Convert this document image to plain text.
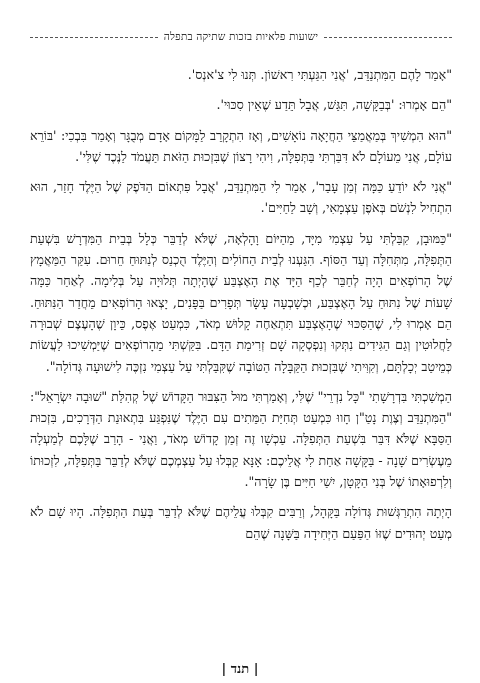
ישועות פלאיות בזכות שתיקה בתפלה

"אָמַר לָהֶם הַמִּתְנַדֵּב, 'אֲנִי הִגַּעְתִּי רִאשׁוֹן. תְּנוּ לִי צ'אנְס'.

"הֵם אָמְרוּ: 'בְּבַקָּשָׁה, תִּגַּשׁ, אֲבָל תֵּדַע שֶׁאֵין סִכּוּי'.

"הוּא הִמְשִׁיךְ בְּמַאֲמַצֵּי הַחֲיָאָה נוֹאָשִׁים, וְאָז הִתְקָרֵב לַמָּקוֹם אָדָם מְבֻגָּר וְאָמַר בִּבְכִי: 'בּוֹרֵא עוֹלָם, אֲנִי מֵעוֹלָם לֹא דִּבַּרְתִּי בַּתְּפִלָּה, וִיהִי רָצוֹן שֶׁבִּזְכוּת הַזֹּאת תַּעֲמֹד לַנֶּכֶד שֶׁלִּי'.

"אֲנִי לֹא יוֹדֵעַ כַּמָּה זְמַן עָבַר', אָמַר לִי הַמִּתְנַדֵּב, 'אֲבָל פִּתְאוֹם הַדֹּפֶק שֶׁל הַיֶּלֶד חָזַר, הוּא הִתְחִיל לִנְשֹׁם בְּאֹפֶן עַצְמָאִי, וְשָׁב לַחַיִּים'.

"כַּמּוּבָן, קִבַּלְתִּי עַל עַצְמִי מִיָּד, מֵהַיּוֹם וָהָלְאָה, שֶׁלֹּא לְדַבֵּר כְּלָל בְּבֵית הַמִּדְרָשׁ בִּשְׁעַת הַתְּפִלָּה, מִתְּחִלָּה וְעַד הַסּוֹף. הִגַּעְנוּ לְבֵית הַחוֹלִים וְהַיֶּלֶד הֻכְנַס לְנִתּוּחַ חֵרוּם. עִקַּר הַמַּאֲמָץ שֶׁל הָרוֹפְאִים הָיָה לְחַבֵּר לְכַף הַיָּד אֶת הָאֶצְבַּע שֶׁהָיְתָה תְּלוּיָה עַל בְּלִימָה. לְאַחַר כַּמָּה שָׁעוֹת שֶׁל נִתּוּחַ עַל הָאֶצְבַּע, וּכְשָׁבְעָה עָשָׂר תְּפָרִים בַּפָּנִים, יָצְאוּ הָרוֹפְאִים מֵחֲדַר הַנִּתּוּחַ. הֵם אָמְרוּ לִי, שֶׁהַסִּכּוּי שֶׁהָאֶצְבַּע תִּתְאַחֶה קָלוּשׁ מְאֹד, כִּמְעַט אֶפֶס, כֵּיוָן שֶׁהָעֶצֶם שְׁבוּרָה לַחֲלוּטִין וְגַם הַגִּידִים נִתְּקוּ וְנִפְסְקָה שָׁם זְרִימַת הַדָּם. בִּקַּשְׁתִּי מֵהָרוֹפְאִים שֶׁיַּמְשִׁיכוּ לַעֲשׂוֹת כְּמֵיטַב יְכָלְתָּם, וְקִוִּיתִי שֶׁבִּזְכוּת הַקַּבָּלָה הַטּוֹבָה שֶׁקִּבַּלְתִּי עַל עַצְמִי נִזְכֶּה לִישׁוּעָה גְּדוֹלָה".

הַמְשַׁכְתִּי בִּדְרָשָׁתִי "כָּל נִדְרֵי" שֶׁלִּי, וְאָמַרְתִּי מוּל הַצִּבּוּר הַקָּדוֹשׁ שֶׁל קְהִלַּת "שׁוּבָה יִשְׂרָאֵל": "הַמִּתְנַדֵּב וְצֶוֶת נָטַ"ן חָווּ כִּמְעַט תְּחִיַּת הַמֵּתִים עִם הַיֶּלֶד שֶׁנִּפְגַּע בִּתְאוּנַת הַדְּרָכִים, בִּזְכוּת הַסַּבָּא שֶׁלֹּא דִּבֵּר בִּשְׁעַת הַתְּפִלָּה. עַכְשָׁו זֶה זְמַן קָדוֹשׁ מְאֹד, וַאֲנִי - הָרַב שֶׁלָּכֶם לְמַעְלָה מֵעֶשְׂרִים שָׁנָה - בַּקָּשָׁה אַחַת לִי אֲלֵיכֶם: אָנָּא קַבְּלוּ עַל עַצְמְכֶם שֶׁלֹּא לְדַבֵּר בַּתְּפִלָּה, לִזְכוּתוֹ וְלִרְפוּאָתוֹ שֶׁל בְּנִי הַקָּטָן, יִשַׁי חַיִּים בֶּן שָׂרָה".

הָיְתָה הִתְרַגְּשׁוּת גְּדוֹלָה בַּקָּהָל, וְרַבִּים קִבְּלוּ עֲלֵיהֶם שֶׁלֹּא לְדַבֵּר בְּעֵת הַתְּפִלָּה. הָיוּ שָׁם לֹא מְעַט יְהוּדִים שֶׁזּוֹ הַפַּעַם הַיְּחִידָה בַּשָּׁנָה שֶׁהֵם

| תנד |
